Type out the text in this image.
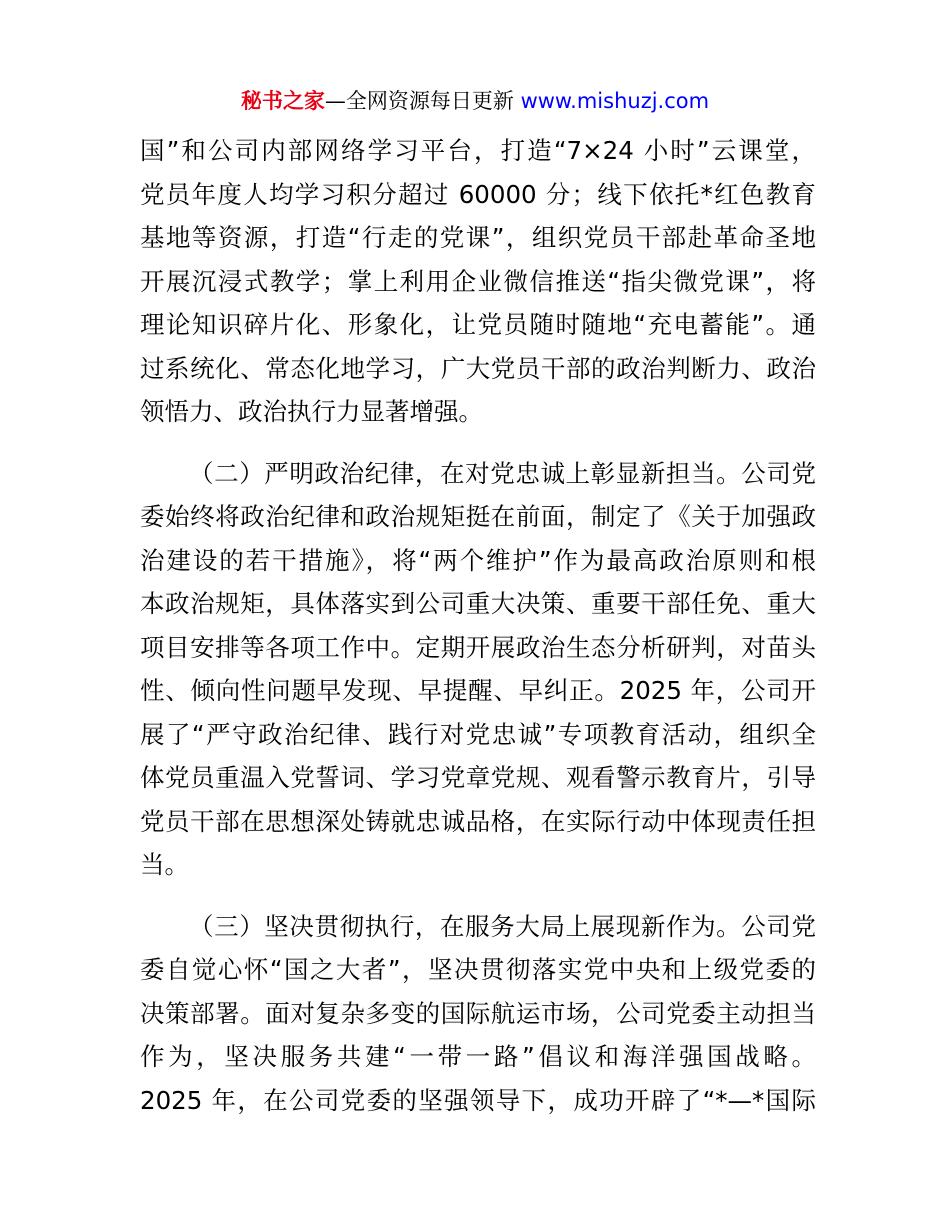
秘书之家—全网资源每日更新 www.mishuzj.com
国”和公司内部网络学习平台，打造“7×24 小时”云课堂，
党员年度人均学习积分超过 60000 分；线下依托*红色教育
基地等资源，打造“行走的党课”，组织党员干部赴革命圣地
开展沉浸式教学；掌上利用企业微信推送“指尖微党课”，将
理论知识碎片化、形象化，让党员随时随地“充电蓄能”。通
过系统化、常态化地学习，广大党员干部的政治判断力、政治
领悟力、政治执行力显著增强。
（二）严明政治纪律，在对党忠诚上彰显新担当。公司党
委始终将政治纪律和政治规矩挺在前面，制定了《关于加强政
治建设的若干措施》，将“两个维护”作为最高政治原则和根
本政治规矩，具体落实到公司重大决策、重要干部任免、重大
项目安排等各项工作中。定期开展政治生态分析研判，对苗头
性、倾向性问题早发现、早提醒、早纠正。2025 年，公司开
展了“严守政治纪律、践行对党忠诚”专项教育活动，组织全
体党员重温入党誓词、学习党章党规、观看警示教育片，引导
党员干部在思想深处铸就忠诚品格，在实际行动中体现责任担
当。
（三）坚决贯彻执行，在服务大局上展现新作为。公司党
委自觉心怀“国之大者”，坚决贯彻落实党中央和上级党委的
决策部署。面对复杂多变的国际航运市场，公司党委主动担当
作为，坚决服务共建“一带一路”倡议和海洋强国战略。
2025 年，在公司党委的坚强领导下，成功开辟了“*—*国际
